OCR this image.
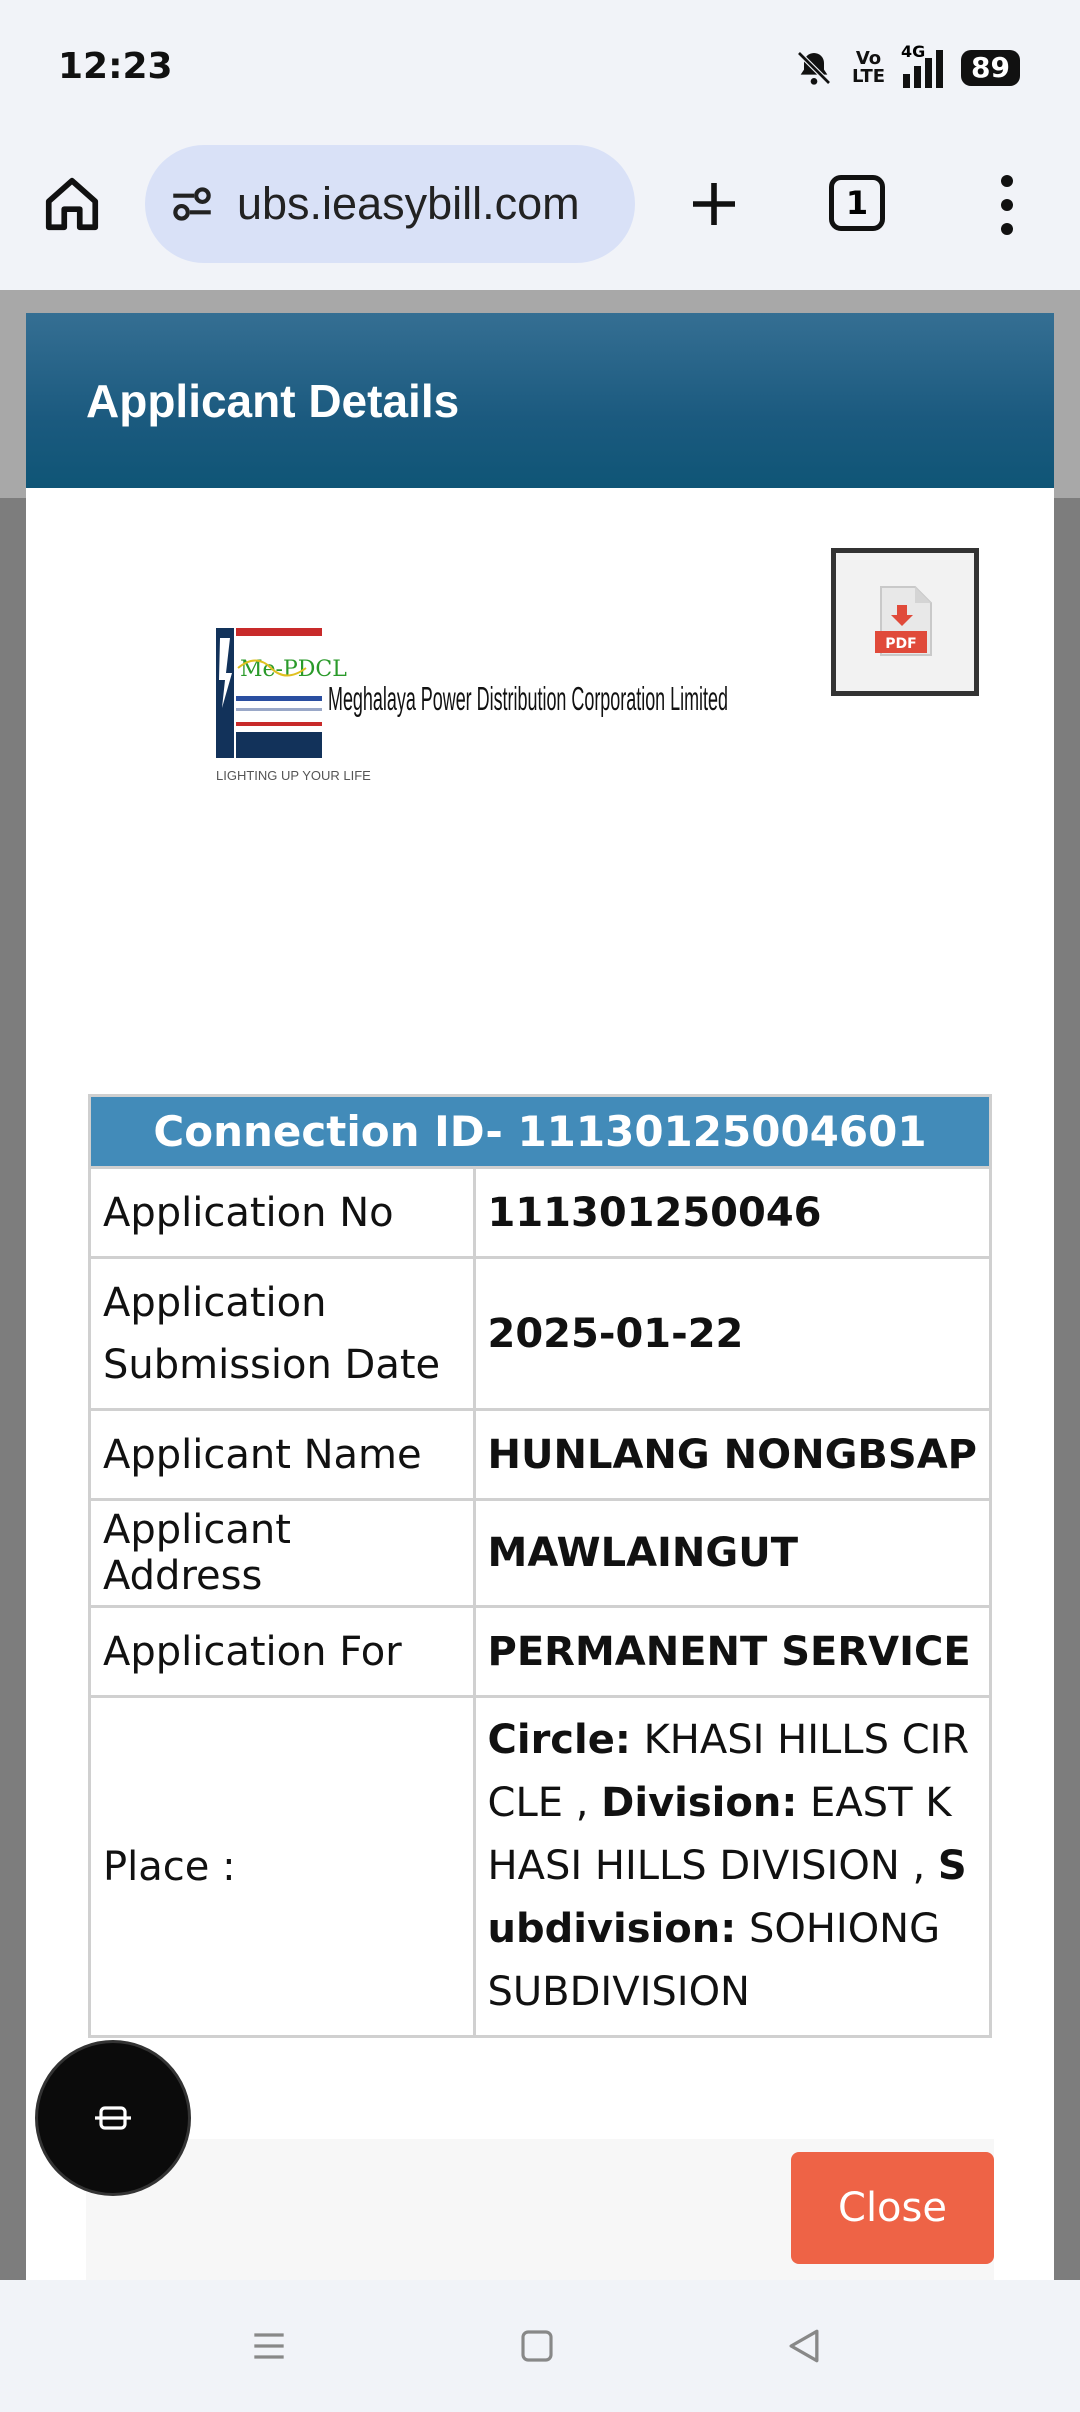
12:23	Vo
LTE
4G	89
ubs.ieasybill.com	1
Applicant Details
Me-PDCL
LIGHTING UP YOUR LIFE
Meghalaya Power Distribution Corporation Limited
PDF
Connection ID- 11130125004601	
Application No	111301250046
Application Submission Date	2025-01-22
Applicant Name	HUNLANG NONGBSAP
Applicant Address	MAWLAINGUT
Application For	PERMANENT SERVICE
Place :	Circle: KHASI HILLS CIRCLE , Division: EAST KHASI HILLS DIVISION , Subdivision: SOHIONG SUBDIVISION
Close
